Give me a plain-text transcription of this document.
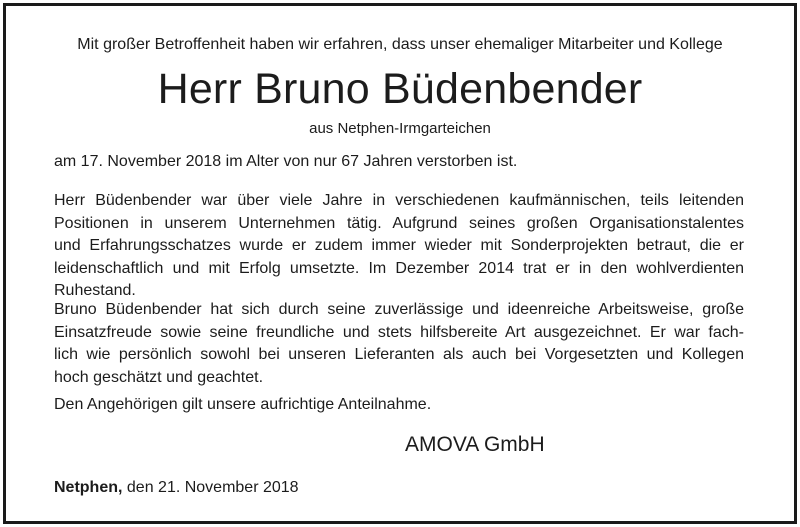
Mit großer Betroffenheit haben wir erfahren, dass unser ehemaliger Mitarbeiter und Kollege
Herr Bruno Büdenbender
aus Netphen-Irmgarteichen
am 17. November 2018 im Alter von nur 67 Jahren verstorben ist.
Herr Büdenbender war über viele Jahre in verschiedenen kaufmännischen, teils leitenden
Positionen in unserem Unternehmen tätig. Aufgrund seines großen Organisationstalentes
und Erfahrungsschatzes wurde er zudem immer wieder mit Sonderprojekten betraut, die er
leidenschaftlich und mit Erfolg umsetzte. Im Dezember 2014 trat er in den wohlverdienten
Ruhestand.
Bruno Büdenbender hat sich durch seine zuverlässige und ideenreiche Arbeitsweise, große
Einsatzfreude sowie seine freundliche und stets hilfsbereite Art ausgezeichnet. Er war fach-
lich wie persönlich sowohl bei unseren Lieferanten als auch bei Vorgesetzten und Kollegen
hoch geschätzt und geachtet.
Den Angehörigen gilt unsere aufrichtige Anteilnahme.
AMOVA GmbH
Netphen, den 21. November 2018
